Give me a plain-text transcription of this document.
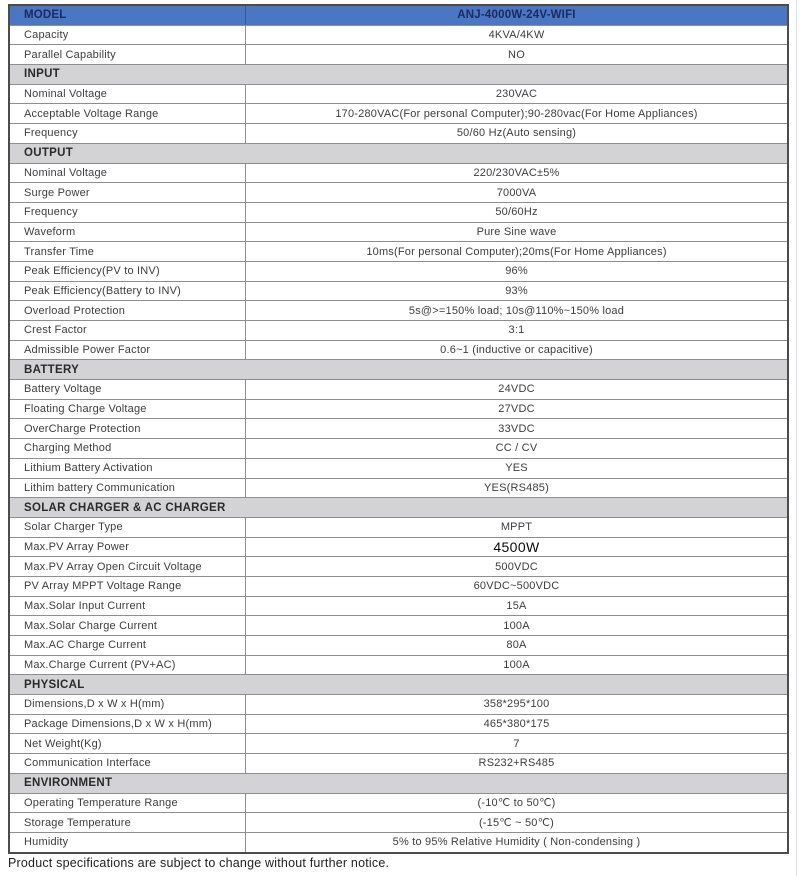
MODEL	ANJ-4000W-24V-WIFI
Capacity	4KVA/4KW
Parallel Capability	NO
INPUT
Nominal Voltage	230VAC
Acceptable Voltage Range	170-280VAC(For personal Computer);90-280vac(For Home Appliances)
Frequency	50/60 Hz(Auto sensing)
OUTPUT
Nominal Voltage	220/230VAC±5%
Surge Power	7000VA
Frequency	50/60Hz
Waveform	Pure Sine wave
Transfer Time	10ms(For personal Computer);20ms(For Home Appliances)
Peak Efficiency(PV to INV)	96%
Peak Efficiency(Battery to INV)	93%
Overload Protection	5s@>=150% load; 10s@110%~150% load
Crest Factor	3:1
Admissible Power Factor	0.6~1 (inductive or capacitive)
BATTERY
Battery Voltage	24VDC
Floating Charge Voltage	27VDC
OverCharge Protection	33VDC
Charging Method	CC / CV
Lithium Battery Activation	YES
Lithim battery Communication	YES(RS485)
SOLAR CHARGER & AC CHARGER
Solar Charger Type	MPPT
Max.PV Array Power	4500W
Max.PV Array Open Circuit Voltage	500VDC
PV Array MPPT Voltage Range	60VDC~500VDC
Max.Solar Input Current	15A
Max.Solar Charge Current	100A
Max.AC Charge Current	80A
Max.Charge Current (PV+AC)	100A
PHYSICAL
Dimensions,D x W x H(mm)	358*295*100
Package Dimensions,D x W x H(mm)	465*380*175
Net Weight(Kg)	7
Communication Interface	RS232+RS485
ENVIRONMENT
Operating Temperature Range	(-10℃ to 50℃)
Storage Temperature	(-15℃ ~ 50℃)
Humidity	5% to 95% Relative Humidity ( Non-condensing )
Product specifications are subject to change without further notice.
